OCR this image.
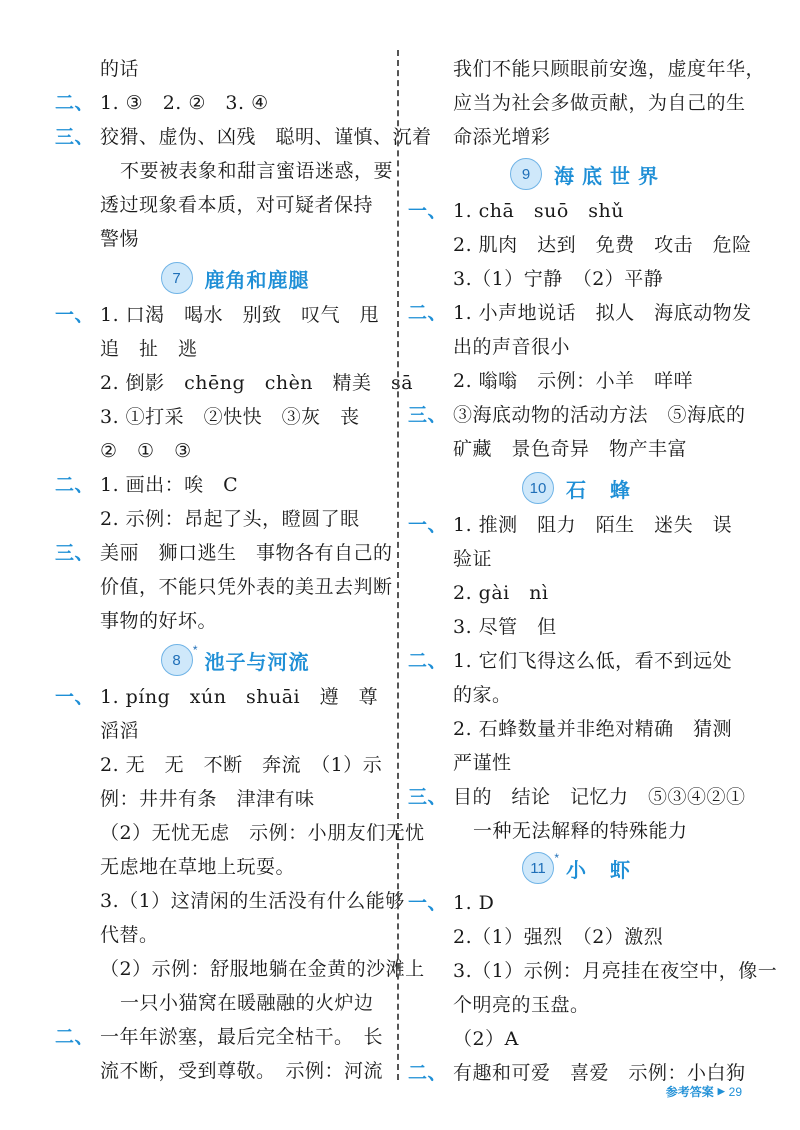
的话
二、 1. ③　2. ②　3. ④
三、 狡猾、虚伪、凶残　聪明、谨慎、沉着
不要被表象和甜言蜜语迷惑，要
透过现象看本质，对可疑者保持
警惕
7 鹿角和鹿腿
一、 1. 口渴　喝水　别致　叹气　甩
追　扯　逃
2. 倒影　chēng　chèn　精美　sā
3. ①打采　②快快　③灰　丧
②　①　③
二、 1. 画出：唉　C
2. 示例：昂起了头，瞪圆了眼
三、 美丽　狮口逃生　事物各有自己的
价值，不能只凭外表的美丑去判断
事物的好坏。
8
*
池子与河流
一、 1. píng　xún　shuāi　遵　尊
滔滔
2. 无　无　不断　奔流　（1）示
例：井井有条　津津有味
（2）无忧无虑　示例：小朋友们无忧
无虑地在草地上玩耍。
3.（1）这清闲的生活没有什么能够
代替。
（2）示例：舒服地躺在金黄的沙滩上
一只小猫窝在暖融融的火炉边
二、 一年年淤塞，最后完全枯干。　长
流不断，受到尊敬。　示例：河流
我们不能只顾眼前安逸，虚度年华，
应当为社会多做贡献，为自己的生
命添光增彩
9 海底世界
一、 1. chā　suō　shǔ
2. 肌肉　达到　免费　攻击　危险
3.（1）宁静　（2）平静
二、 1. 小声地说话　拟人　海底动物发
出的声音很小
2. 嗡嗡　示例：小羊　咩咩
三、 ③海底动物的活动方法　⑤海底的
矿藏　景色奇异　物产丰富
10 石蜂
一、 1. 推测　阻力　陌生　迷失　误
验证
2. gài　nì
3. 尽管　但
二、 1. 它们飞得这么低，看不到远处
的家。
2. 石蜂数量并非绝对精确　猜测
严谨性
三、 目的　结论　记忆力　⑤③④②①
一种无法解释的特殊能力
11
*
小虾
一、 1. D
2.（1）强烈　（2）激烈
3.（1）示例：月亮挂在夜空中，像一
个明亮的玉盘。
（2）A
二、 有趣和可爱　喜爱　示例：小白狗
参考答案 ▶ 29
